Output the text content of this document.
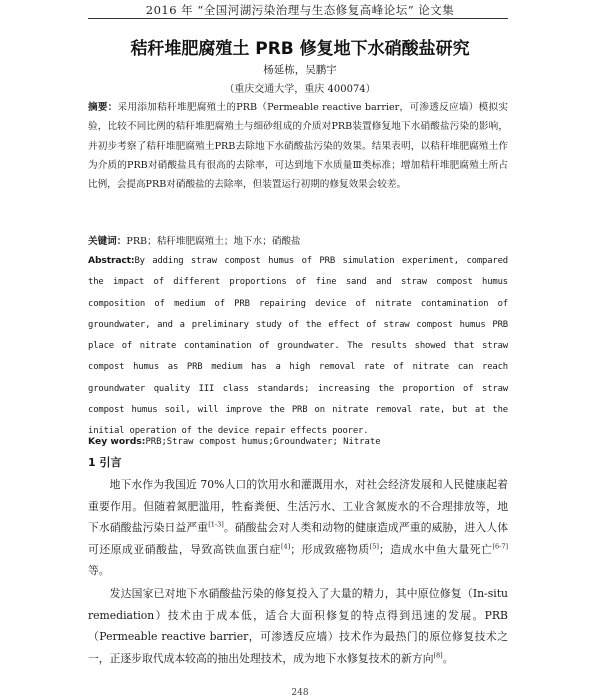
2016 年 “全国河湖污染治理与生态修复高峰论坛” 论文集
秸秆堆肥腐殖土 PRB 修复地下水硝酸盐研究
杨延栋，吴鹏宇
（重庆交通大学，重庆 400074）
摘要：采用添加秸秆堆肥腐殖土的PRB（Permeable reactive barrier，可渗透反应墙）模拟实验，比较不同比例的秸秆堆肥腐殖土与细砂组成的介质对PRB装置修复地下水硝酸盐污染的影响，并初步考察了秸秆堆肥腐殖土PRB去除地下水硝酸盐污染的效果。结果表明，以秸秆堆肥腐殖土作为介质的PRB对硝酸盐具有很高的去除率，可达到地下水质量Ⅲ类标准；增加秸秆堆肥腐殖土所占比例，会提高PRB对硝酸盐的去除率，但装置运行初期的修复效果会较差。
关键词：PRB；秸秆堆肥腐殖土；地下水；硝酸盐
Abstract:By adding straw compost humus of PRB simulation experiment, compared the impact of different proportions of fine sand and straw compost humus composition of medium of PRB repairing device of nitrate contamination of groundwater, and a preliminary study of the effect of straw compost humus PRB place of nitrate contamination of groundwater. The results showed that straw compost humus as PRB medium has a high removal rate of nitrate can reach groundwater quality III class standards; increasing the proportion of straw compost humus soil, will improve the PRB on nitrate removal rate, but at the initial operation of the device repair effects poorer.
Key words:PRB;Straw compost humus;Groundwater; Nitrate
1 引言
地下水作为我国近 70%人口的饮用水和灌溉用水，对社会经济发展和人民健康起着重要作用。但随着氮肥滥用，牲畜粪便、生活污水、工业含氮废水的不合理排放等，地下水硝酸盐污染日益严重[1-3]。硝酸盐会对人类和动物的健康造成严重的威胁，进入人体可还原成亚硝酸盐，导致高铁血蛋白症[4]；形成致癌物质[5]；造成水中鱼大量死亡[6-7]等。
发达国家已对地下水硝酸盐污染的修复投入了大量的精力，其中原位修复（In-situ remediation）技术由于成本低，适合大面积修复的特点得到迅速的发展。PRB（Permeable reactive barrier，可渗透反应墙）技术作为最热门的原位修复技术之一，正逐步取代成本较高的抽出处理技术，成为地下水修复技术的新方向[8]。
248
